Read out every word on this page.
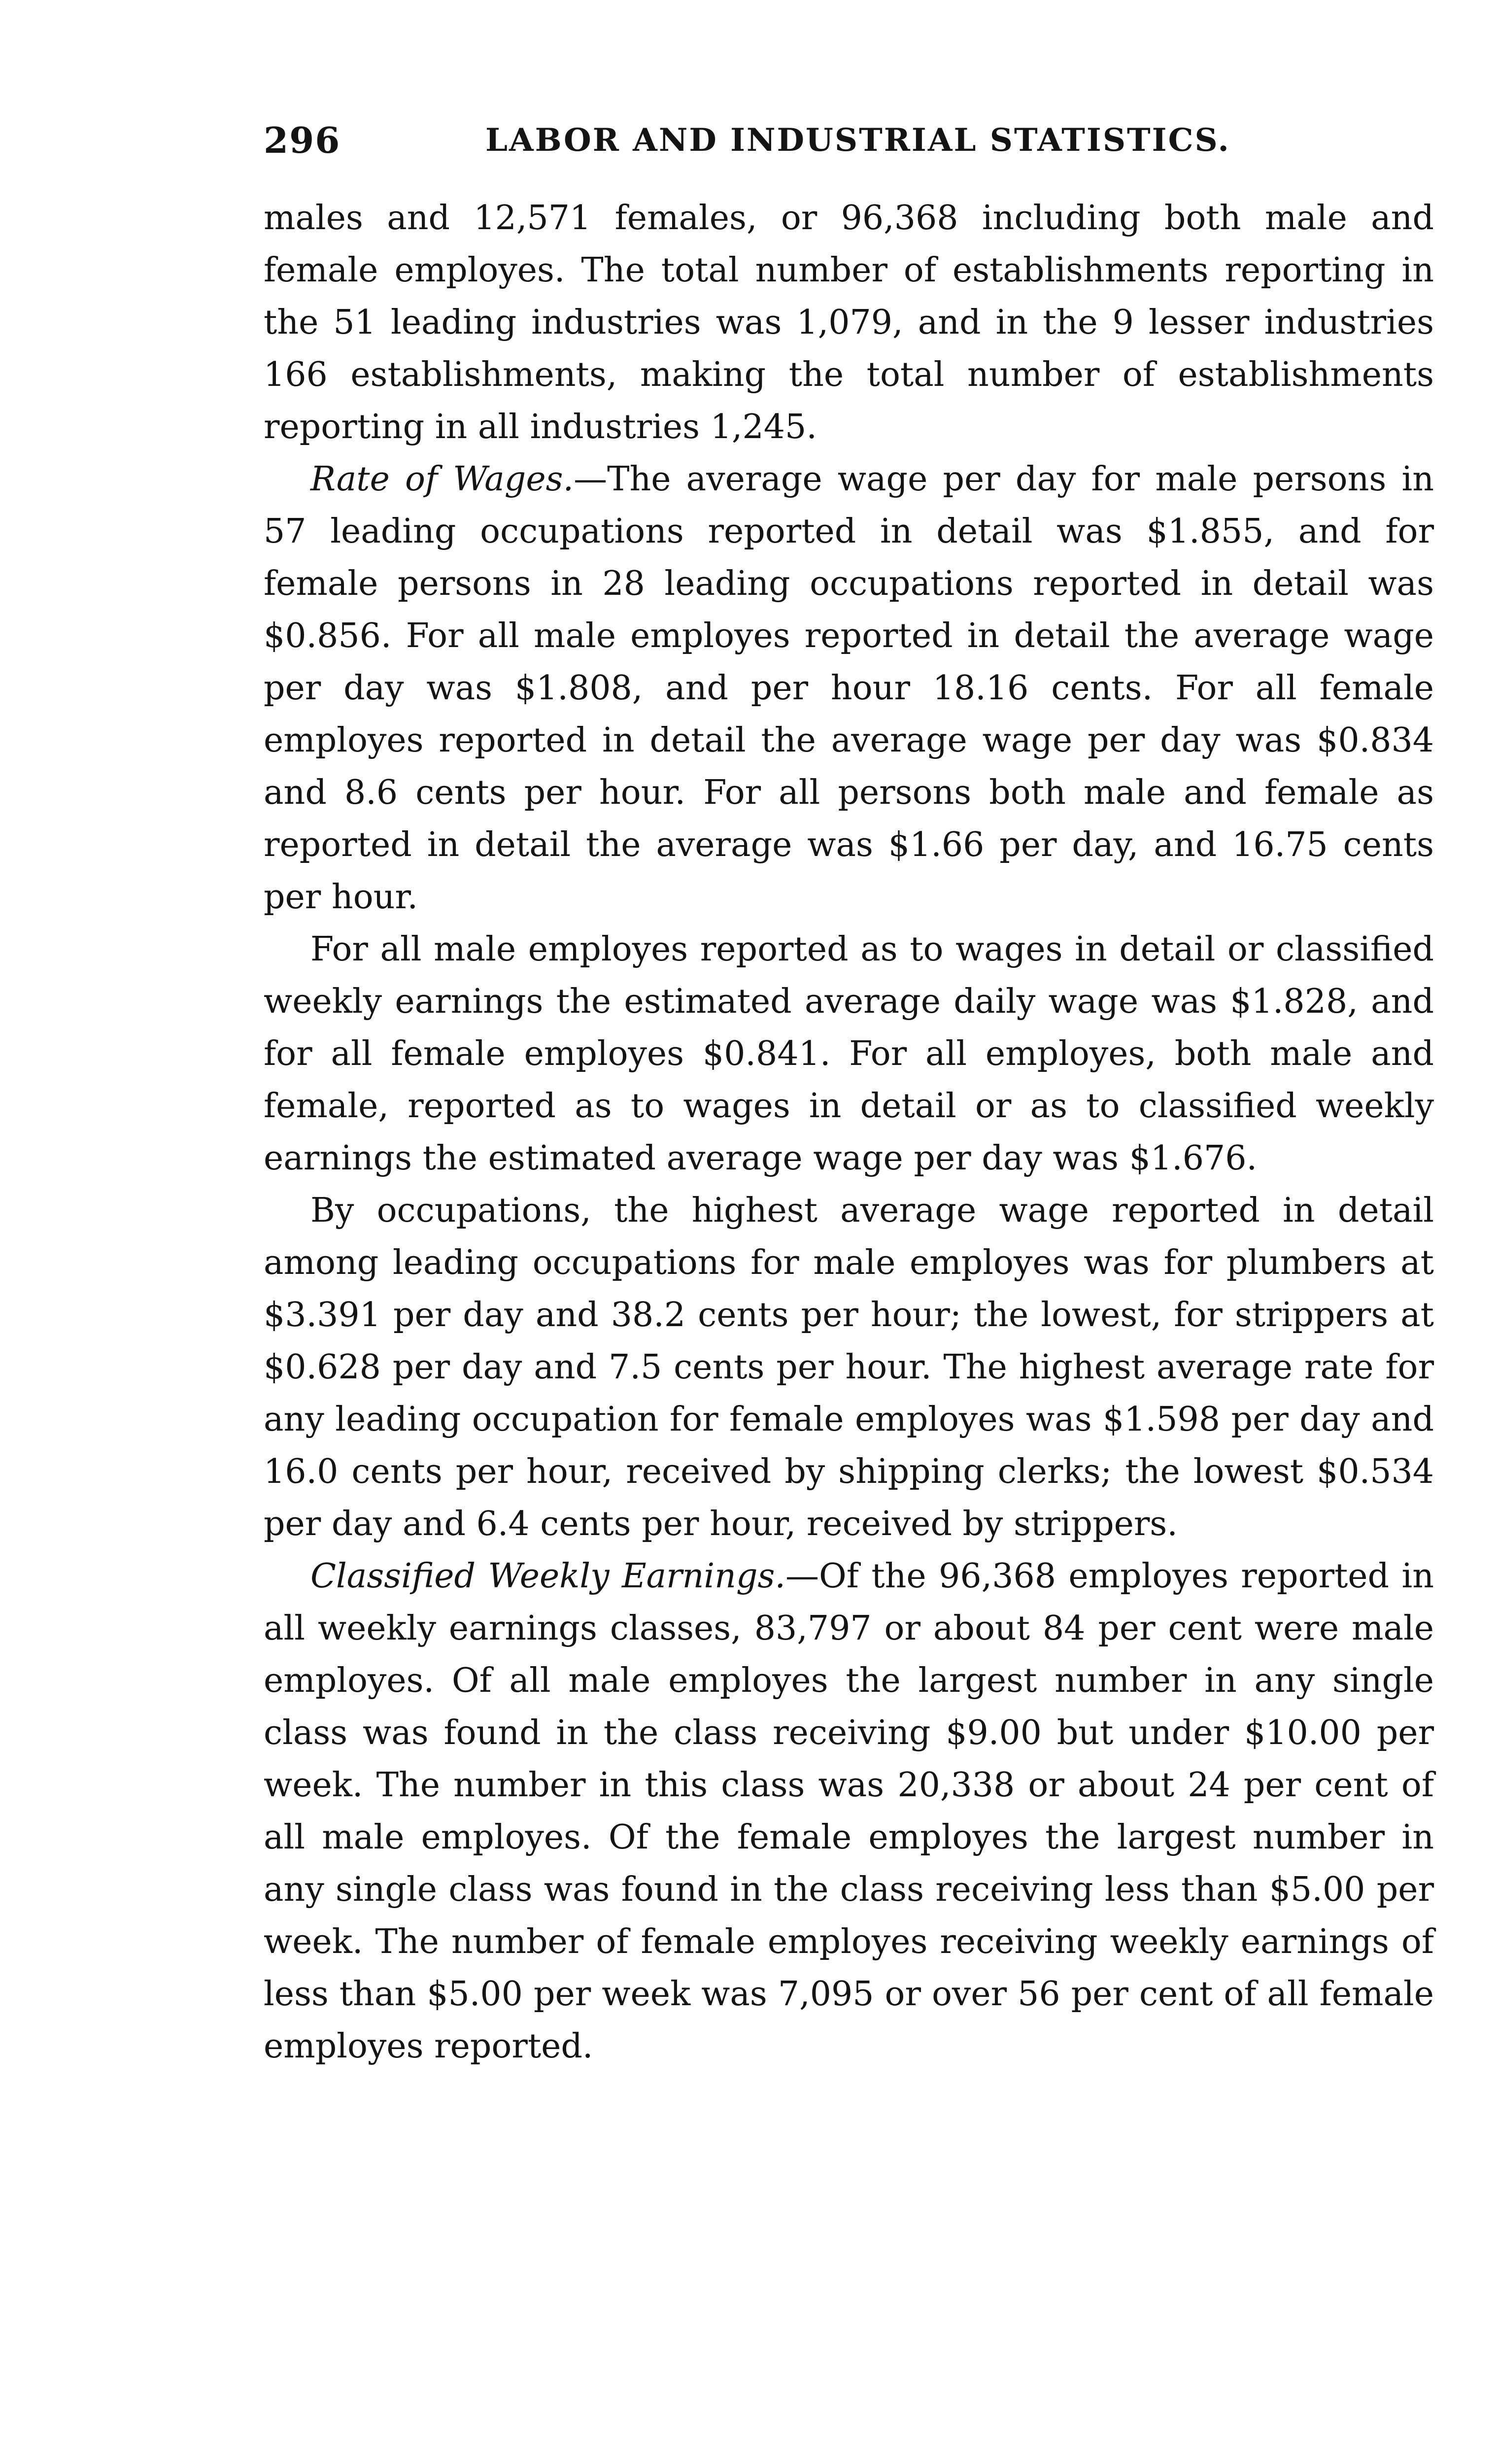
296	LABOR AND INDUSTRIAL STATISTICS.

males and 12,571 females, or 96,368 including both male and female employes. The total number of establishments reporting in the 51 leading industries was 1,079, and in the 9 lesser industries 166 establishments, making the total number of establishments reporting in all industries 1,245.

Rate of Wages.—The average wage per day for male persons in 57 leading occupations reported in detail was $1.855, and for female persons in 28 leading occupations reported in detail was $0.856. For all male employes reported in detail the average wage per day was $1.808, and per hour 18.16 cents. For all female employes reported in detail the average wage per day was $0.834 and 8.6 cents per hour. For all persons both male and female as reported in detail the average was $1.66 per day, and 16.75 cents per hour.

For all male employes reported as to wages in detail or classified weekly earnings the estimated average daily wage was $1.828, and for all female employes $0.841. For all employes, both male and female, reported as to wages in detail or as to classified weekly earnings the estimated average wage per day was $1.676.

By occupations, the highest average wage reported in detail among leading occupations for male employes was for plumbers at $3.391 per day and 38.2 cents per hour; the lowest, for strippers at $0.628 per day and 7.5 cents per hour. The highest average rate for any leading occupation for female employes was $1.598 per day and 16.0 cents per hour, received by shipping clerks; the lowest $0.534 per day and 6.4 cents per hour, received by strippers.

Classified Weekly Earnings.—Of the 96,368 employes reported in all weekly earnings classes, 83,797 or about 84 per cent were male employes. Of all male employes the largest number in any single class was found in the class receiving $9.00 but under $10.00 per week. The number in this class was 20,338 or about 24 per cent of all male employes. Of the female employes the largest number in any single class was found in the class receiving less than $5.00 per week. The number of female employes receiving weekly earnings of less than $5.00 per week was 7,095 or over 56 per cent of all female employes reported.
